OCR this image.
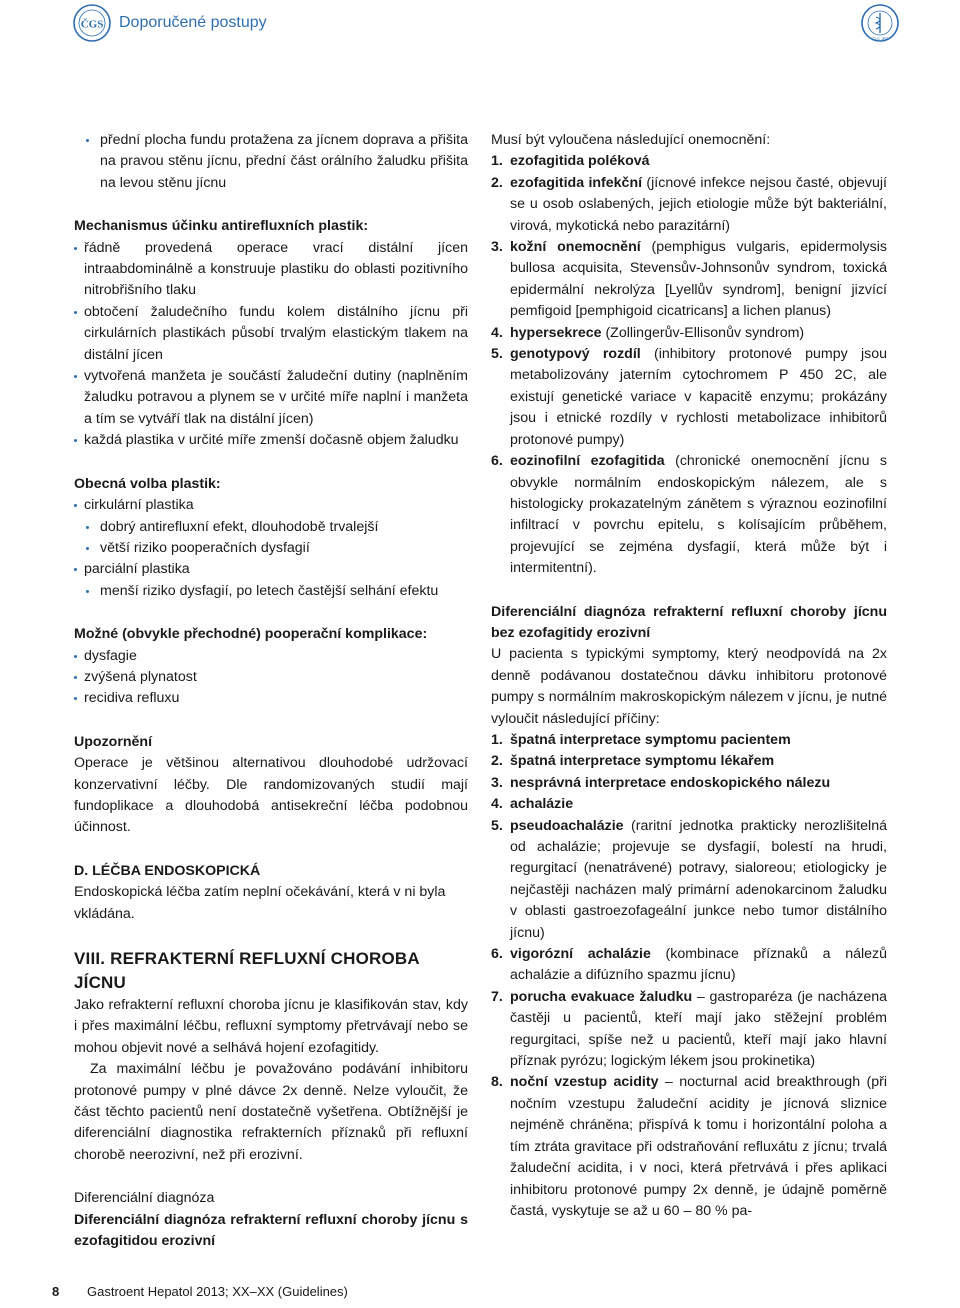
ČGS Doporučené postupy
ČLS JEP
přední plocha fundu protažena za jícnem doprava a přišita na pravou stěnu jícnu, přední část orálního žaludku přišita na levou stěnu jícnu
Mechanismus účinku antirefluxních plastik:
řádně provedená operace vrací distální jícen intraabdominálně a konstruuje plastiku do oblasti pozitivního nitrobřišního tlaku
obtočení žaludečního fundu kolem distálního jícnu při cirkulárních plastikách působí trvalým elastickým tlakem na distální jícen
vytvořená manžeta je součástí žaludeční dutiny (naplněním žaludku potravou a plynem se v určité míře naplní i manžeta a tím se vytváří tlak na distální jícen)
každá plastika v určité míře zmenší dočasně objem žaludku
Obecná volba plastik:
cirkulární plastika
dobrý antirefluxní efekt, dlouhodobě trvalejší
větší riziko pooperačních dysfagií
parciální plastika
menší riziko dysfagií, po letech častější selhání efektu
Možné (obvykle přechodné) pooperační komplikace:
dysfagie
zvýšená plynatost
recidiva refluxu
Upozornění
Operace je většinou alternativou dlouhodobé udržovací konzervativní léčby. Dle randomizovaných studií mají fundoplikace a dlouhodobá antisekreční léčba podobnou účinnost.
D. LÉČBA ENDOSKOPICKÁ
Endoskopická léčba zatím neplní očekávání, která v ni byla vkládána.
VIII. REFRAKTERNÍ REFLUXNÍ CHOROBA JÍCNU
Jako refrakterní refluxní choroba jícnu je klasifikován stav, kdy i přes maximální léčbu, refluxní symptomy přetrvávají nebo se mohou objevit nové a selhává hojení ezofagitidy.
Za maximální léčbu je považováno podávání inhibitoru protonové pumpy v plné dávce 2x denně. Nelze vyloučit, že část těchto pacientů není dostatečně vyšetřena. Obtížnější je diferenciální diagnostika refrakterních příznaků při refluxní chorobě neerozivní, než při erozivní.
Diferenciální diagnóza
Diferenciální diagnóza refrakterní refluxní choroby jícnu s ezofagitidou erozivní
Musí být vyloučena následující onemocnění:
1. ezofagitida poléková
2. ezofagitida infekční (jícnové infekce nejsou časté, objevují se u osob oslabených, jejich etiologie může být bakteriální, virová, mykotická nebo parazitární)
3. kožní onemocnění (pemphigus vulgaris, epidermolysis bullosa acquisita, Stevensův-Johnsonův syndrom, toxická epidermální nekrolýza [Lyellův syndrom], benigní jizvící pemfigoid [pemphigoid cicatricans] a lichen planus)
4. hypersekrece (Zollingerův-Ellisonův syndrom)
5. genotypový rozdíl (inhibitory protonové pumpy jsou metabolizovány jaterním cytochromem P 450 2C, ale existují genetické variace v kapacitě enzymu; prokázány jsou i etnické rozdíly v rychlosti metabolizace inhibitorů protonové pumpy)
6. eozinofilní ezofagitida (chronické onemocnění jícnu s obvykle normálním endoskopickým nálezem, ale s histologicky prokazatelným zánětem s výraznou eozinofilní infiltrací v povrchu epitelu, s kolísajícím průběhem, projevující se zejména dysfagií, která může být i intermitentní).
Diferenciální diagnóza refrakterní refluxní choroby jícnu bez ezofagitidy erozivní
U pacienta s typickými symptomy, který neodpovídá na 2x denně podávanou dostatečnou dávku inhibitoru protonové pumpy s normálním makroskopickým nálezem v jícnu, je nutné vyloučit následující příčiny:
1. špatná interpretace symptomu pacientem
2. špatná interpretace symptomu lékařem
3. nesprávná interpretace endoskopického nálezu
4. achalázie
5. pseudoachalázie (raritní jednotka prakticky nerozlišitelná od achalázie; projevuje se dysfagií, bolestí na hrudi, regurgitací (nenatrávené) potravy, sialoreou; etiologicky je nejčastěji nacházen malý primární adenokarcinom žaludku v oblasti gastroezofageální junkce nebo tumor distálního jícnu)
6. vigorózní achalázie (kombinace příznaků a nálezů achalázie a difúzního spazmu jícnu)
7. porucha evakuace žaludku – gastroparéza (je nacházena častěji u pacientů, kteří mají jako stěžejní problém regurgitaci, spíše než u pacientů, kteří mají jako hlavní příznak pyrózu; logickým lékem jsou prokinetika)
8. noční vzestup acidity – nocturnal acid breakthrough (při nočním vzestupu žaludeční acidity je jícnová sliznice nejméně chráněna; přispívá k tomu i horizontální poloha a tím ztráta gravitace při odstraňování refluxátu z jícnu; trvalá žaludeční acidita, i v noci, která přetrvává i přes aplikaci inhibitoru protonové pumpy 2x denně, je údajně poměrně častá, vyskytuje se až u 60 – 80 % pa-
8 Gastroent Hepatol 2013; XX–XX (Guidelines)
